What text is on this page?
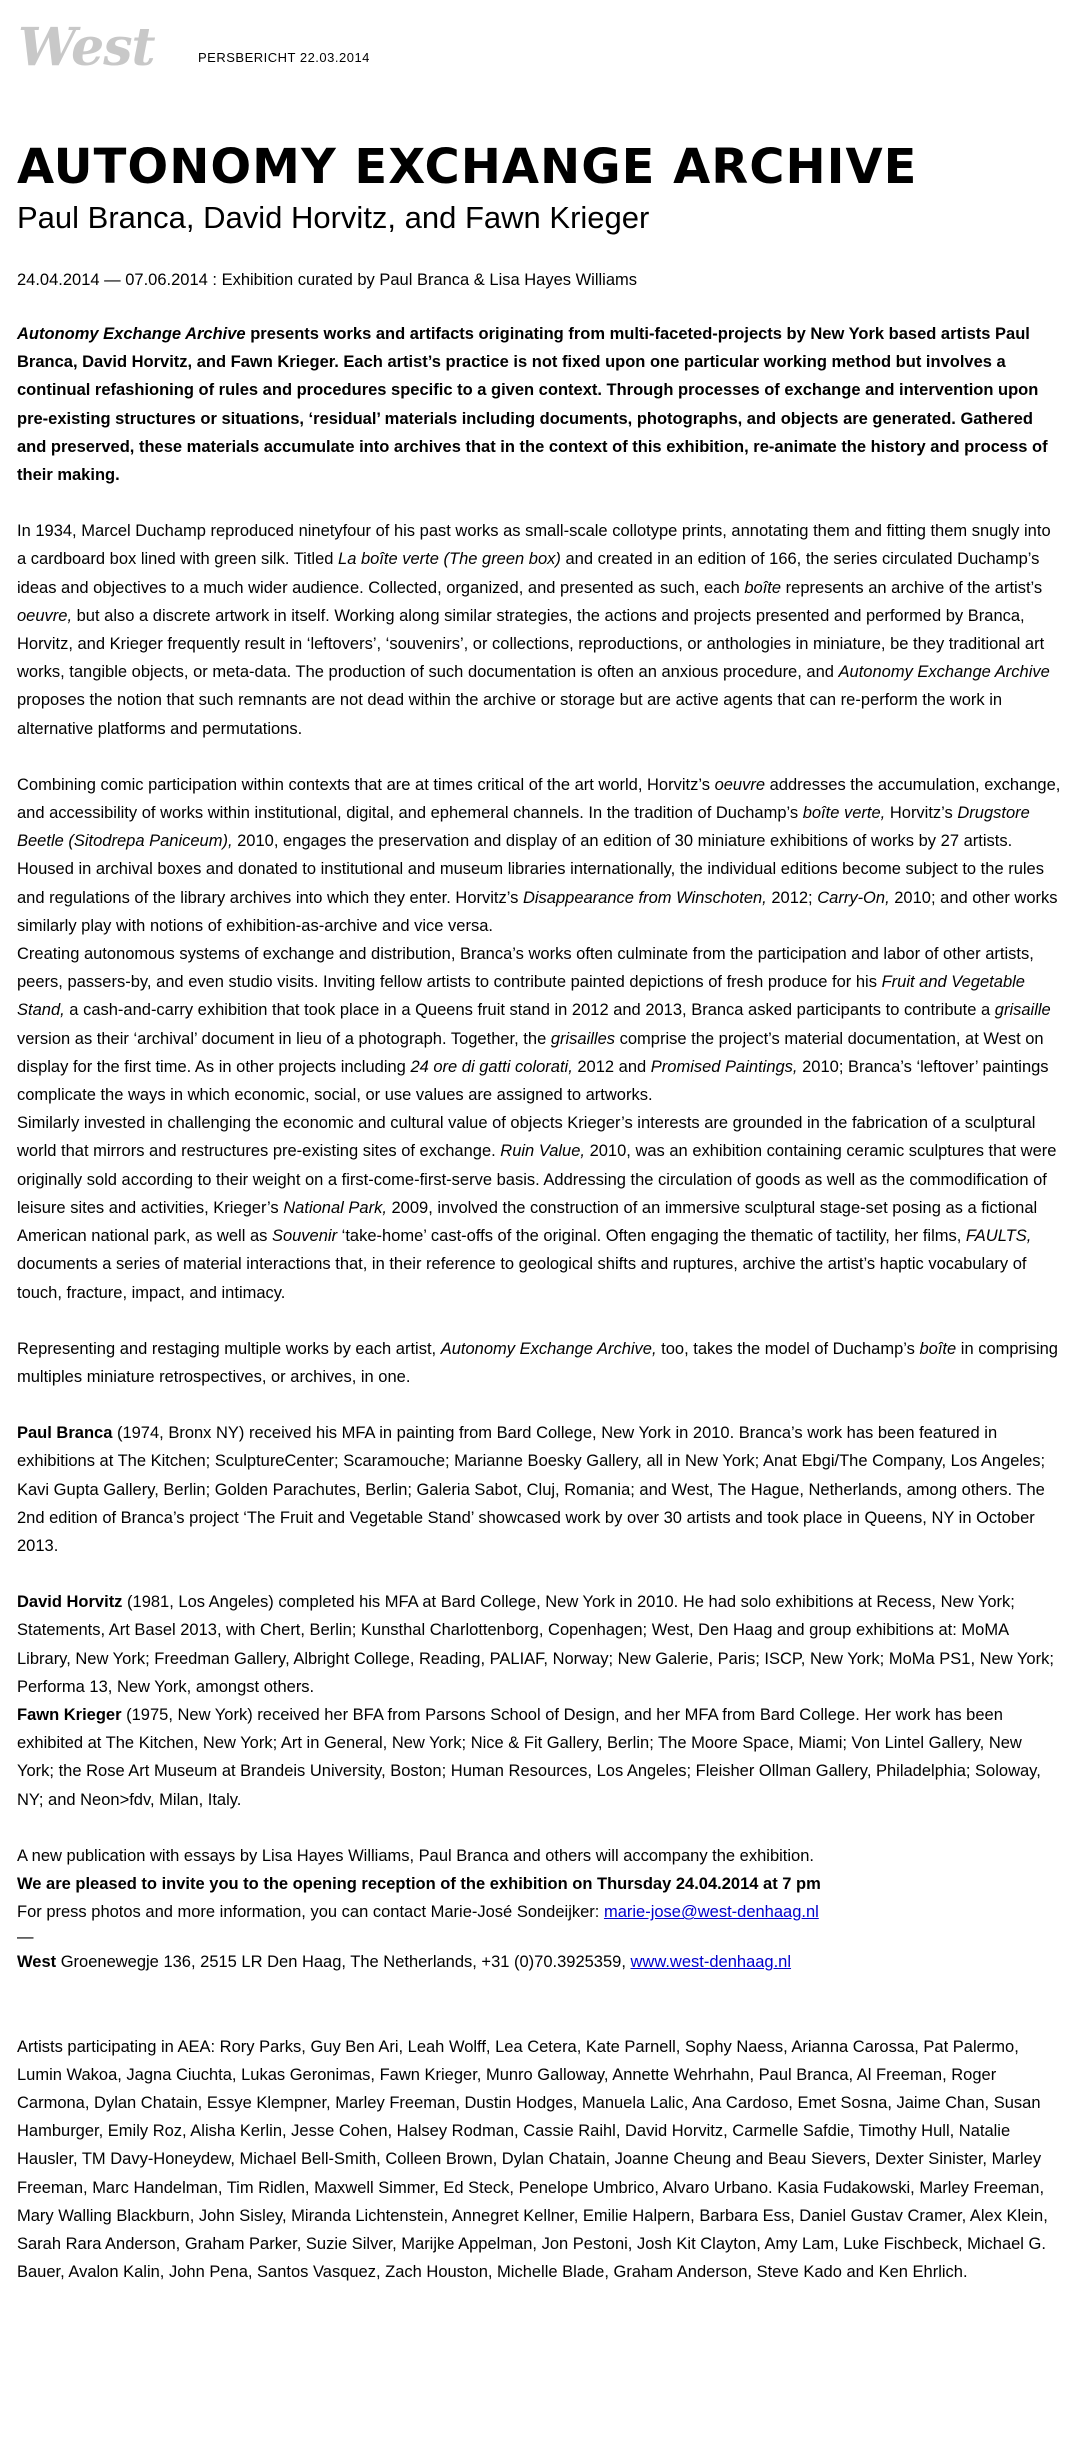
West	PERSBERICHT 22.03.2014
AUTONOMY EXCHANGE ARCHIVE
Paul Branca, David Horvitz, and Fawn Krieger
24.04.2014 — 07.06.2014 : Exhibition curated by Paul Branca & Lisa Hayes Williams

Autonomy Exchange Archive presents works and artifacts originating from multi-faceted-projects by New York based artists Paul Branca, David Horvitz, and Fawn Krieger. Each artist’s practice is not fixed upon one particular working method but involves a continual refashioning of rules and procedures specific to a given context. Through processes of exchange and intervention upon pre-existing structures or situations, ‘residual’ materials including documents, photographs, and objects are generated. Gathered and preserved, these materials accumulate into archives that in the context of this exhibition, re-animate the history and process of their making.

In 1934, Marcel Duchamp reproduced ninetyfour of his past works as small-scale collotype prints, annotating them and fitting them snugly into a cardboard box lined with green silk. Titled La boîte verte (The green box) and created in an edition of 166, the series circulated Duchamp’s ideas and objectives to a much wider audience. Collected, organized, and presented as such, each boîte represents an archive of the artist’s oeuvre, but also a discrete artwork in itself. Working along similar strategies, the actions and projects presented and performed by Branca, Horvitz, and Krieger frequently result in ‘leftovers’, ‘souvenirs’, or collections, reproductions, or anthologies in miniature, be they traditional art works, tangible objects, or meta-data. The production of such documentation is often an anxious procedure, and Autonomy Exchange Archive proposes the notion that such remnants are not dead within the archive or storage but are active agents that can re-perform the work in alternative platforms and permutations.

Combining comic participation within contexts that are at times critical of the art world, Horvitz’s oeuvre addresses the accumulation, exchange, and accessibility of works within institutional, digital, and ephemeral channels. In the tradition of Duchamp’s boîte verte, Horvitz’s Drugstore Beetle (Sitodrepa Paniceum), 2010, engages the preservation and display of an edition of 30 miniature exhibitions of works by 27 artists. Housed in archival boxes and donated to institutional and museum libraries internationally, the individual editions become subject to the rules and regulations of the library archives into which they enter. Horvitz’s Disappearance from Winschoten, 2012; Carry-On, 2010; and other works similarly play with notions of exhibition-as-archive and vice versa.

Creating autonomous systems of exchange and distribution, Branca’s works often culminate from the participation and labor of other artists, peers, passers-by, and even studio visits. Inviting fellow artists to contribute painted depictions of fresh produce for his Fruit and Vegetable Stand, a cash-and-carry exhibition that took place in a Queens fruit stand in 2012 and 2013, Branca asked participants to contribute a grisaille version as their ‘archival’ document in lieu of a photograph. Together, the grisailles comprise the project’s material documentation, at West on display for the first time. As in other projects including 24 ore di gatti colorati, 2012 and Promised Paintings, 2010; Branca’s ‘leftover’ paintings complicate the ways in which economic, social, or use values are assigned to artworks.

Similarly invested in challenging the economic and cultural value of objects Krieger’s interests are grounded in the fabrication of a sculptural world that mirrors and restructures pre-existing sites of exchange. Ruin Value, 2010, was an exhibition containing ceramic sculptures that were originally sold according to their weight on a first-come-first-serve basis. Addressing the circulation of goods as well as the commodification of leisure sites and activities, Krieger’s National Park, 2009, involved the construction of an immersive sculptural stage-set posing as a fictional American national park, as well as Souvenir ‘take-home’ cast-offs of the original. Often engaging the thematic of tactility, her films, FAULTS, documents a series of material interactions that, in their reference to geological shifts and ruptures, archive the artist’s haptic vocabulary of touch, fracture, impact, and intimacy.

Representing and restaging multiple works by each artist, Autonomy Exchange Archive, too, takes the model of Duchamp’s boîte in comprising multiples miniature retrospectives, or archives, in one.

Paul Branca (1974, Bronx NY) received his MFA in painting from Bard College, New York in 2010. Branca’s work has been featured in exhibitions at The Kitchen; SculptureCenter; Scaramouche; Marianne Boesky Gallery, all in New York; Anat Ebgi/The Company, Los Angeles; Kavi Gupta Gallery, Berlin; Golden Parachutes, Berlin; Galeria Sabot, Cluj, Romania; and West, The Hague, Netherlands, among others. The 2nd edition of Branca’s project ‘The Fruit and Vegetable Stand’ showcased work by over 30 artists and took place in Queens, NY in October 2013.

David Horvitz (1981, Los Angeles) completed his MFA at Bard College, New York in 2010. He had solo exhibitions at Recess, New York; Statements, Art Basel 2013, with Chert, Berlin; Kunsthal Charlottenborg, Copenhagen; West, Den Haag and group exhibitions at: MoMA Library, New York; Freedman Gallery, Albright College, Reading, PALIAF, Norway; New Galerie, Paris; ISCP, New York; MoMa PS1, New York; Performa 13, New York, amongst others.

Fawn Krieger (1975, New York) received her BFA from Parsons School of Design, and her MFA from Bard College. Her work has been exhibited at The Kitchen, New York; Art in General, New York; Nice & Fit Gallery, Berlin; The Moore Space, Miami; Von Lintel Gallery, New York; the Rose Art Museum at Brandeis University, Boston; Human Resources, Los Angeles; Fleisher Ollman Gallery, Philadelphia; Soloway, NY; and Neon>fdv, Milan, Italy.

A new publication with essays by Lisa Hayes Williams, Paul Branca and others will accompany the exhibition.

We are pleased to invite you to the opening reception of the exhibition on Thursday 24.04.2014 at 7 pm

For press photos and more information, you can contact Marie-José Sondeijker: marie-jose@west-denhaag.nl

—

West Groenewegje 136, 2515 LR Den Haag, The Netherlands, +31 (0)70.3925359, www.west-denhaag.nl

Artists participating in AEA: Rory Parks, Guy Ben Ari, Leah Wolff, Lea Cetera, Kate Parnell, Sophy Naess, Arianna Carossa, Pat Palermo, Lumin Wakoa, Jagna Ciuchta, Lukas Geronimas, Fawn Krieger, Munro Galloway, Annette Wehrhahn, Paul Branca, Al Freeman, Roger Carmona, Dylan Chatain, Essye Klempner, Marley Freeman, Dustin Hodges, Manuela Lalic, Ana Cardoso, Emet Sosna, Jaime Chan, Susan Hamburger, Emily Roz, Alisha Kerlin, Jesse Cohen, Halsey Rodman, Cassie Raihl, David Horvitz, Carmelle Safdie, Timothy Hull, Natalie Hausler, TM Davy-Honeydew, Michael Bell-Smith, Colleen Brown, Dylan Chatain, Joanne Cheung and Beau Sievers, Dexter Sinister, Marley Freeman, Marc Handelman, Tim Ridlen, Maxwell Simmer, Ed Steck, Penelope Umbrico, Alvaro Urbano. Kasia Fudakowski, Marley Freeman, Mary Walling Blackburn, John Sisley, Miranda Lichtenstein, Annegret Kellner, Emilie Halpern, Barbara Ess, Daniel Gustav Cramer, Alex Klein, Sarah Rara Anderson, Graham Parker, Suzie Silver, Marijke Appelman, Jon Pestoni, Josh Kit Clayton, Amy Lam, Luke Fischbeck, Michael G. Bauer, Avalon Kalin, John Pena, Santos Vasquez, Zach Houston, Michelle Blade, Graham Anderson, Steve Kado and Ken Ehrlich.
